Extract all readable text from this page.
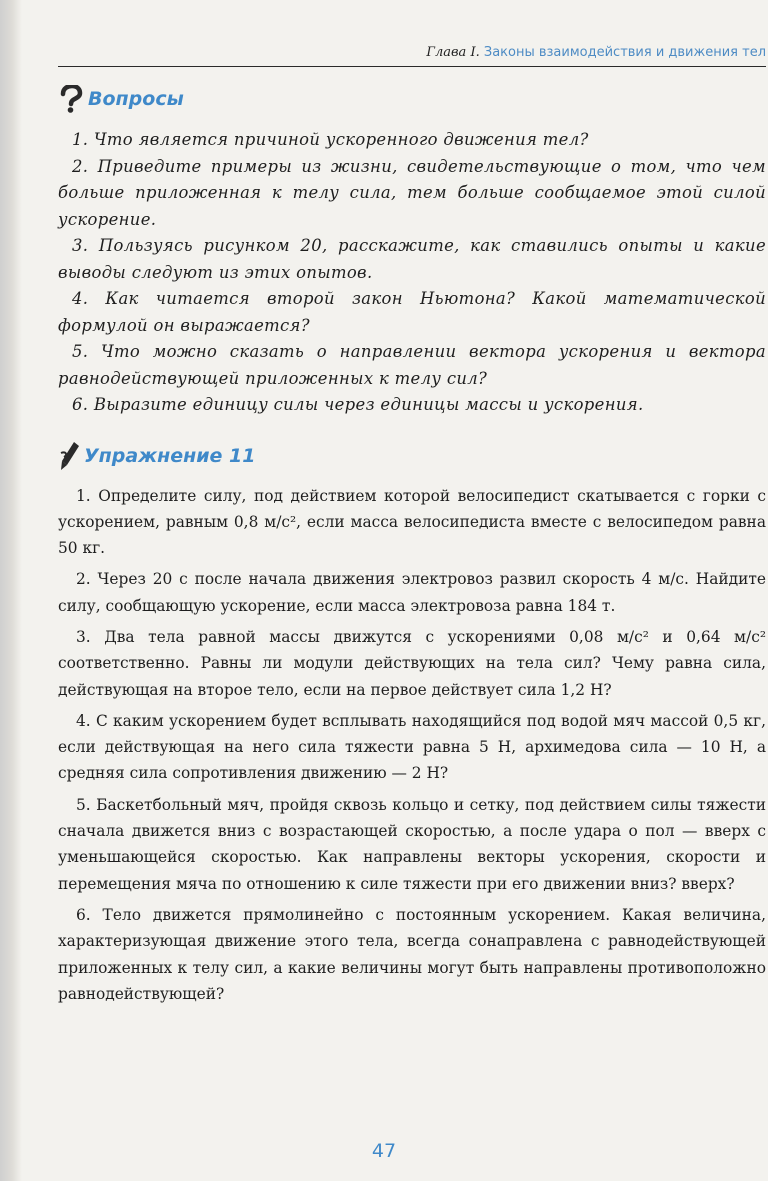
Глава I. Законы взаимодействия и движения тел
Вопросы

1. Что является причиной ускоренного движения тел?

2. Приведите примеры из жизни, свидетельствующие о том, что чем больше приложенная к телу сила, тем больше сообщаемое этой силой ускорение.

3. Пользуясь рисунком 20, расскажите, как ставились опыты и какие выводы следуют из этих опытов.

4. Как читается второй закон Ньютона? Какой математической формулой он выражается?

5. Что можно сказать о направлении вектора ускорения и вектора равнодействующей приложенных к телу сил?

6. Выразите единицу силы через единицы массы и ускорения.

Упражнение 11

1. Определите силу, под действием которой велосипедист скатывается с горки с ускорением, равным 0,8 м/с², если масса велосипедиста вместе с велосипедом равна 50 кг.

2. Через 20 с после начала движения электровоз развил скорость 4 м/с. Найдите силу, сообщающую ускорение, если масса электровоза равна 184 т.

3. Два тела равной массы движутся с ускорениями 0,08 м/с² и 0,64 м/с² соответственно. Равны ли модули действующих на тела сил? Чему равна сила, действующая на второе тело, если на первое действует сила 1,2 Н?

4. С каким ускорением будет всплывать находящийся под водой мяч массой 0,5 кг, если действующая на него сила тяжести равна 5 Н, архимедова сила — 10 Н, а средняя сила сопротивления движению — 2 Н?

5. Баскетбольный мяч, пройдя сквозь кольцо и сетку, под действием силы тяжести сначала движется вниз с возрастающей скоростью, а после удара о пол — вверх с уменьшающейся скоростью. Как направлены векторы ускорения, скорости и перемещения мяча по отношению к силе тяжести при его движении вниз? вверх?

6. Тело движется прямолинейно с постоянным ускорением. Какая величина, характеризующая движение этого тела, всегда сонаправлена с равнодействующей приложенных к телу сил, а какие величины могут быть направлены противоположно равнодействующей?

47
